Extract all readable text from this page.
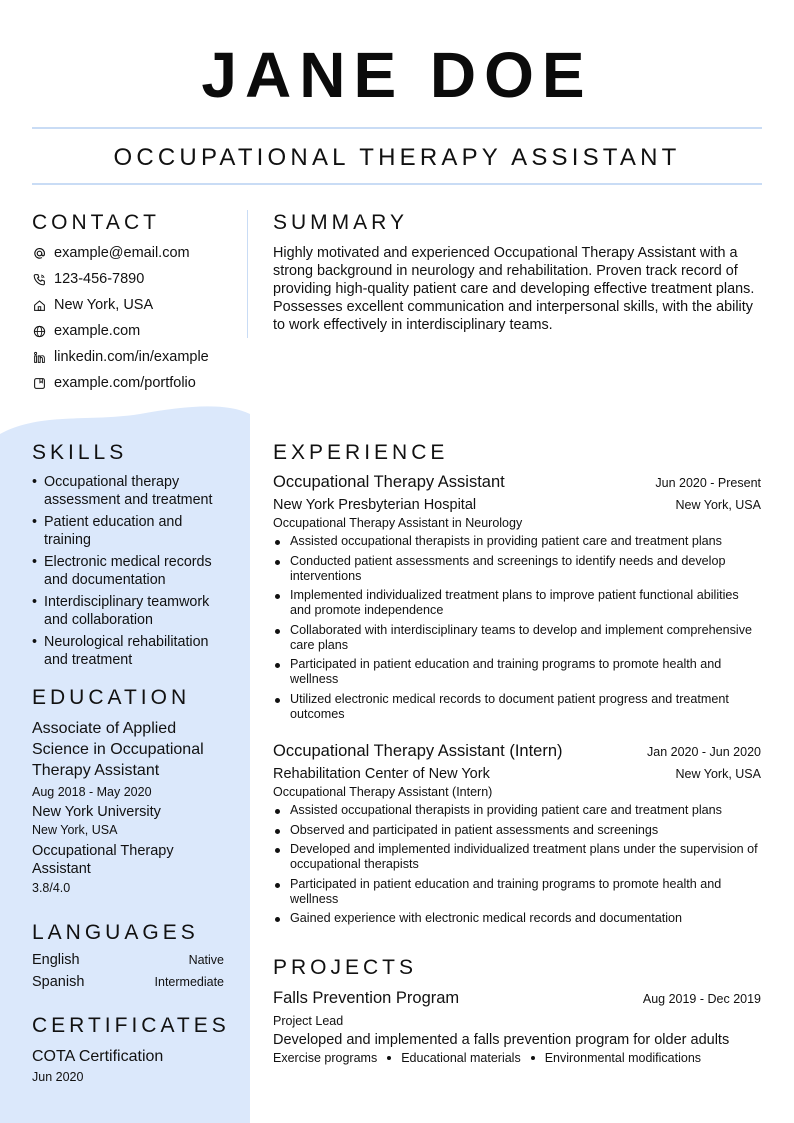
JANE DOE
OCCUPATIONAL THERAPY ASSISTANT
CONTACT
example@email.com
123-456-7890
New York, USA
example.com
linkedin.com/in/example
example.com/portfolio
SUMMARY

Highly motivated and experienced Occupational Therapy Assistant with a strong background in neurology and rehabilitation. Proven track record of providing high-quality patient care and developing effective treatment plans. Possesses excellent communication and interpersonal skills, with the ability to work effectively in interdisciplinary teams.

SKILLS
• Occupational therapy assessment and treatment
• Patient education and training
• Electronic medical records and documentation
• Interdisciplinary teamwork and collaboration
• Neurological rehabilitation and treatment
EDUCATION
Associate of Applied Science in Occupational Therapy Assistant
Aug 2018 - May 2020
New York University
New York, USA
Occupational Therapy Assistant
3.8/4.0
LANGUAGES
English	Native
Spanish	Intermediate
CERTIFICATES
COTA Certification
Jun 2020
EXPERIENCE
Occupational Therapy Assistant	Jun 2020 - Present
New York Presbyterian Hospital	New York, USA
Occupational Therapy Assistant in Neurology
Assisted occupational therapists in providing patient care and treatment plans
Conducted patient assessments and screenings to identify needs and develop interventions
Implemented individualized treatment plans to improve patient functional abilities and promote independence
Collaborated with interdisciplinary teams to develop and implement comprehensive care plans
Participated in patient education and training programs to promote health and wellness
Utilized electronic medical records to document patient progress and treatment outcomes
Occupational Therapy Assistant (Intern)	Jan 2020 - Jun 2020
Rehabilitation Center of New York	New York, USA
Occupational Therapy Assistant (Intern)
Assisted occupational therapists in providing patient care and treatment plans
Observed and participated in patient assessments and screenings
Developed and implemented individualized treatment plans under the supervision of occupational therapists
Participated in patient education and training programs to promote health and wellness
Gained experience with electronic medical records and documentation
PROJECTS
Falls Prevention Program	Aug 2019 - Dec 2019
Project Lead
Developed and implemented a falls prevention program for older adults
Exercise programs Educational materials Environmental modifications
